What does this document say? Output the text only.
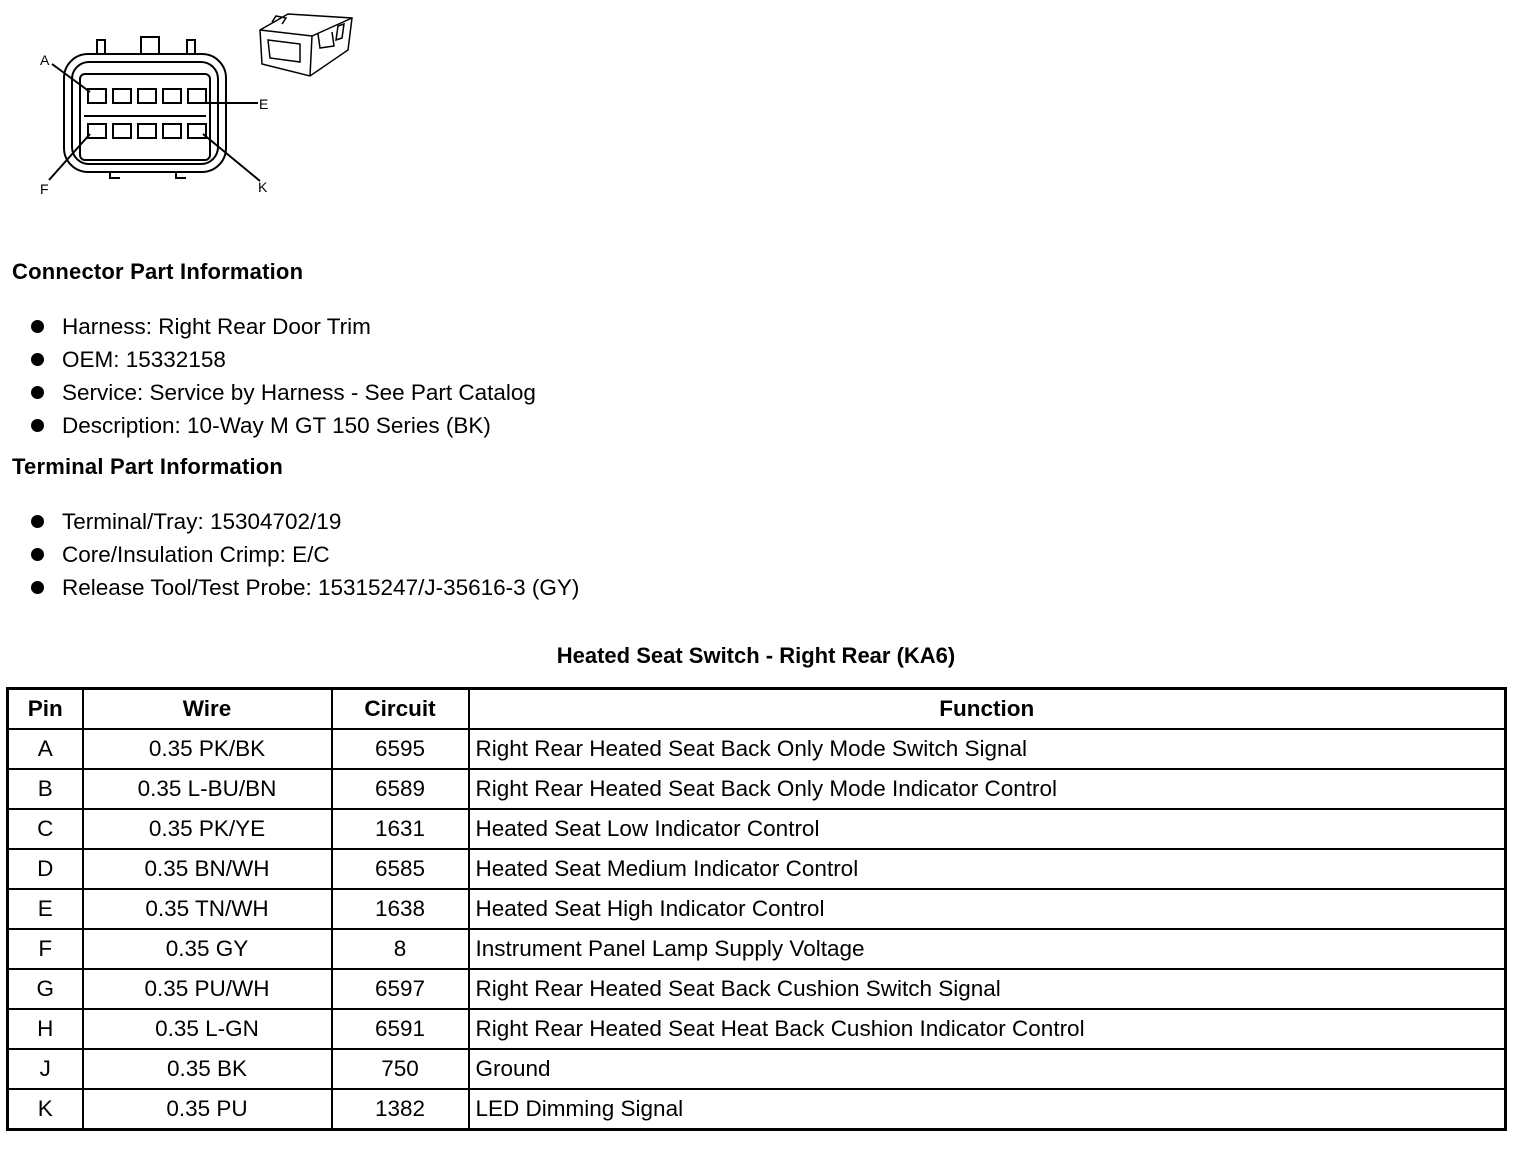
A
E
F	K
Connector Part Information
Harness: Right Rear Door Trim
OEM: 15332158
Service: Service by Harness - See Part Catalog
Description: 10-Way M GT 150 Series (BK)
Terminal Part Information
Terminal/Tray: 15304702/19
Core/Insulation Crimp: E/C
Release Tool/Test Probe: 15315247/J-35616-3 (GY)
Heated Seat Switch - Right Rear (KA6)
Pin	Wire	Circuit	Function
A	0.35 PK/BK	6595	Right Rear Heated Seat Back Only Mode Switch Signal
B	0.35 L-BU/BN	6589	Right Rear Heated Seat Back Only Mode Indicator Control
C	0.35 PK/YE	1631	Heated Seat Low Indicator Control
D	0.35 BN/WH	6585	Heated Seat Medium Indicator Control
E	0.35 TN/WH	1638	Heated Seat High Indicator Control
F	0.35 GY	8	Instrument Panel Lamp Supply Voltage
G	0.35 PU/WH	6597	Right Rear Heated Seat Back Cushion Switch Signal
H	0.35 L-GN	6591	Right Rear Heated Seat Heat Back Cushion Indicator Control
J	0.35 BK	750	Ground
K	0.35 PU	1382	LED Dimming Signal
